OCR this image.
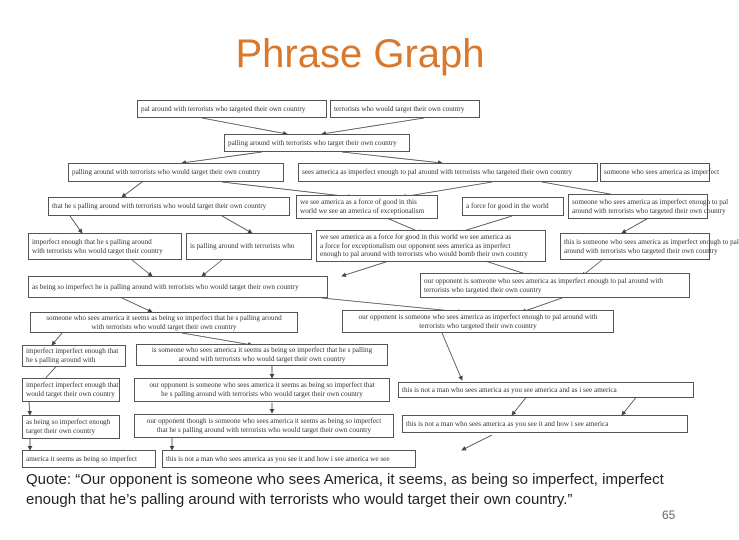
Phrase Graph
pal around with terrorists who targeted their own country	terrorists who would target their own country
palling around with terrorists who target their own country
palling around with terrorists who would target their own country	sees america as imperfect enough to pal around with terrorists who targeted their own country	someone who sees america as imperfect
that he s palling around with terrorists who would target their own country	we see america as a force of good in this
world we see an america of exceptionalism
a force for good in the world
someone who sees america as imperfect enough to pal
around with terrorists who targeted their own country
imperfect enough that he s palling around
with terrorists who would target their country
is palling around with terrorists who
we see america as a force for good in this world we see america as
a force for exceptionalism our opponent sees america as imperfect
enough to pal around with terrorists who would bomb their own country
this is someone who sees america as imperfect enough to pal
around with terrorists who targeted their own country
as being so imperfect he is palling around with terrorists who would target their own country
our opponent is someone who sees america as imperfect enough to pal around with
terrorists who targeted their own country
someone who sees america it seems as being so imperfect that he s palling around
with terrorists who would target their own country
our opponent is someone who sees america as imperfect enough to pal around with
terrorists who targeted their own country
imperfect imperfect enough that
he s palling around with
is someone who sees america it seems as being so imperfect that he s palling
around with terrorists who would target their own country
imperfect imperfect enough that
would target their own country
our opponent is someone who sees america it seems as being so imperfect that
he s palling around with terrorists who would target their own country
this is not a man who sees america as you see america and as i see america
as being so imperfect enough
target their own country
our opponent though is someone who sees america it seems as being so imperfect
that he s palling around with terrorists who would target their own country
this is not a man who sees america as you see it and how i see america
america it seems as being so imperfect	this is not a man who sees america as you see it and how i see america we see
Quote: “Our opponent is someone who sees America, it seems, as being so imperfect, imperfect enough that he’s palling around with terrorists who would target their own country.”
65
